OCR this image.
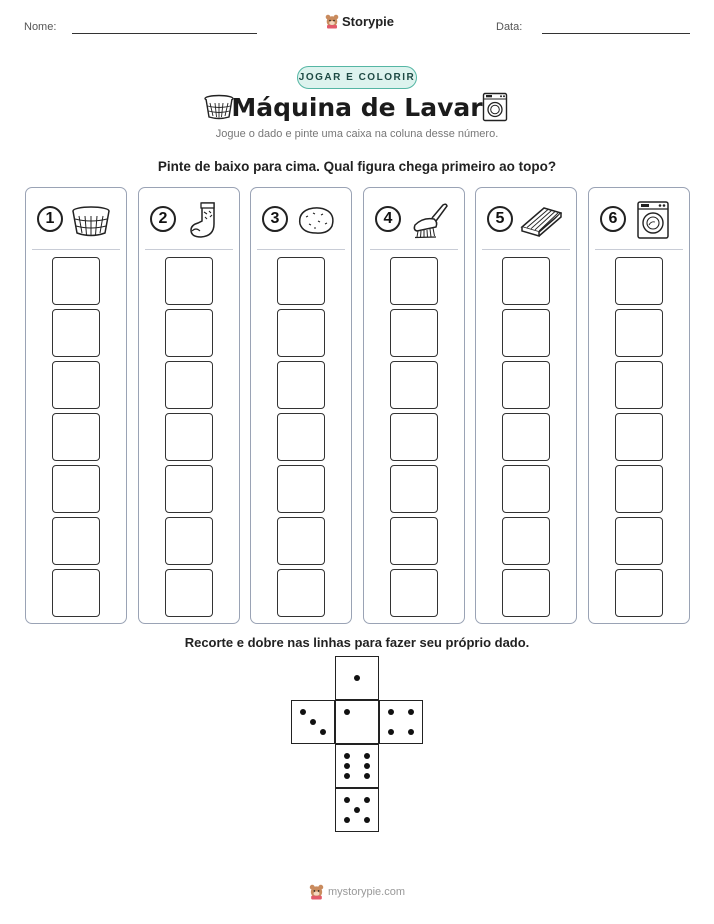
Nome:	Storypie	Data:
JOGAR E COLORIR
Máquina de Lavar
Jogue o dado e pinte uma caixa na coluna desse número.
Pinte de baixo para cima. Qual figura chega primeiro ao topo?
1	2	3	4	5	6
Recorte e dobre nas linhas para fazer seu próprio dado.
mystorypie.com
